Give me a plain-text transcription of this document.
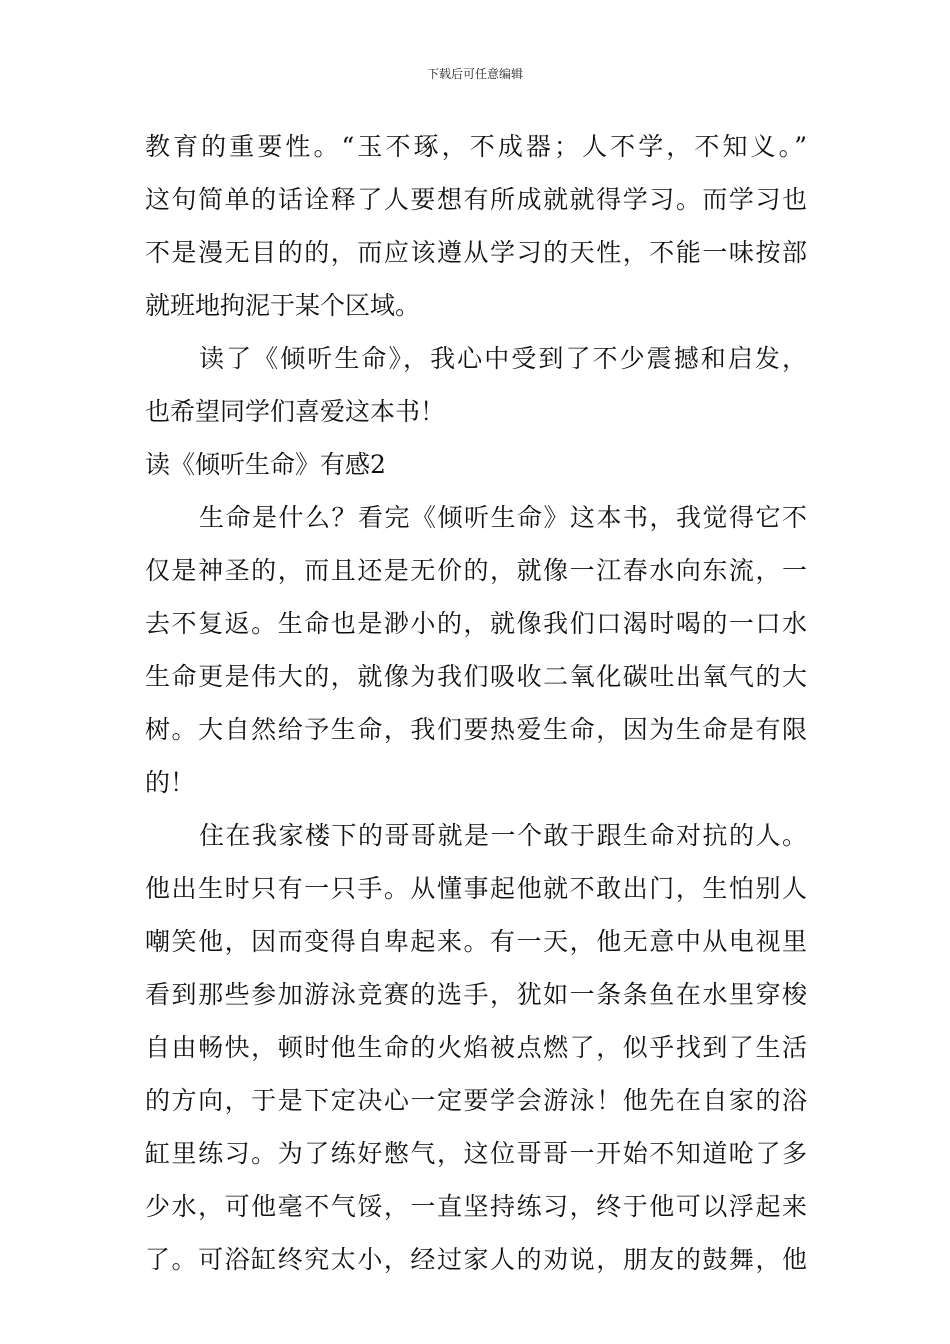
下载后可任意编辑
教育的重要性。“玉不琢，不成器；人不学，不知义。”
这句简单的话诠释了人要想有所成就就得学习。而学习也
不是漫无目的的，而应该遵从学习的天性，不能一味按部
就班地拘泥于某个区域。
读了《倾听生命》，我心中受到了不少震撼和启发，
也希望同学们喜爱这本书！
读《倾听生命》有感2
生命是什么？看完《倾听生命》这本书，我觉得它不
仅是神圣的，而且还是无价的，就像一江春水向东流，一
去不复返。生命也是渺小的，就像我们口渴时喝的一口水
生命更是伟大的，就像为我们吸收二氧化碳吐出氧气的大
树。大自然给予生命，我们要热爱生命，因为生命是有限
的！
住在我家楼下的哥哥就是一个敢于跟生命对抗的人。
他出生时只有一只手。从懂事起他就不敢出门，生怕别人
嘲笑他，因而变得自卑起来。有一天，他无意中从电视里
看到那些参加游泳竞赛的选手，犹如一条条鱼在水里穿梭
自由畅快，顿时他生命的火焰被点燃了，似乎找到了生活
的方向，于是下定决心一定要学会游泳！他先在自家的浴
缸里练习。为了练好憋气，这位哥哥一开始不知道呛了多
少水，可他毫不气馁，一直坚持练习，终于他可以浮起来
了。可浴缸终究太小，经过家人的劝说，朋友的鼓舞，他
